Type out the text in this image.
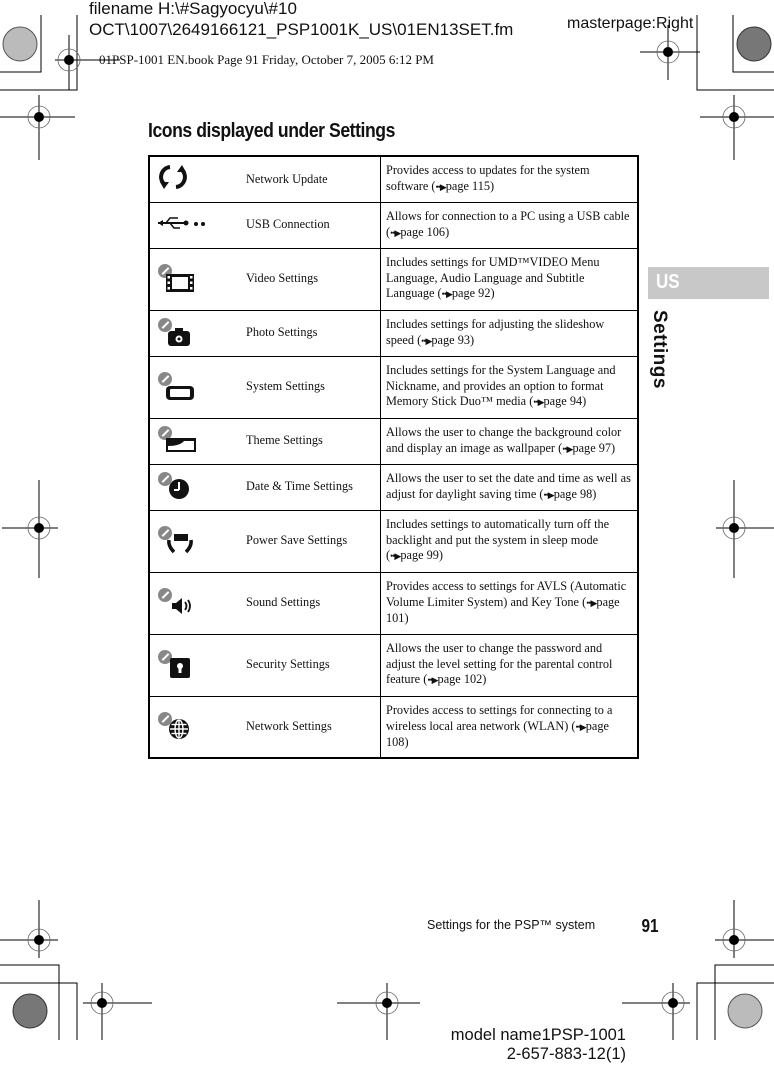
filename H:\#Sagyocyu\#10
OCT\1007\2649166121_PSP1001K_US\01EN13SET.fm	masterpage:Right
01PSP-1001 EN.book Page 91 Friday, October 7, 2005 6:12 PM
Icons displayed under Settings
	Network Update	Provides access to updates for the system software (••▶page 115)
	USB Connection	Allows for connection to a PC using a USB cable (••▶page 106)

	Video Settings	Includes settings for UMD™VIDEO Menu Language, Audio Language and Subtitle Language (••▶page 92)

	Photo Settings	Includes settings for adjusting the slideshow speed (••▶page 93)

	System Settings	Includes settings for the System Language and Nickname, and provides an option to format Memory Stick Duo™ media (••▶page 94)

	Theme Settings	Allows the user to change the background color and display an image as wallpaper (••▶page 97)

	Date & Time Settings	Allows the user to set the date and time as well as adjust for daylight saving time (••▶page 98)

	Power Save Settings	Includes settings to automatically turn off the backlight and put the system in sleep mode (••▶page 99)

	Sound Settings	Provides access to settings for AVLS (Automatic Volume Limiter System) and Key Tone (••▶page 101)

	Security Settings	Allows the user to change the password and adjust the level setting for the parental control feature (••▶page 102)

	Network Settings	Provides access to settings for connecting to a wireless local area network (WLAN) (••▶page 108)
US
Settings
Settings for the PSP™ system	91
model name1PSP-1001
2-657-883-12(1)
